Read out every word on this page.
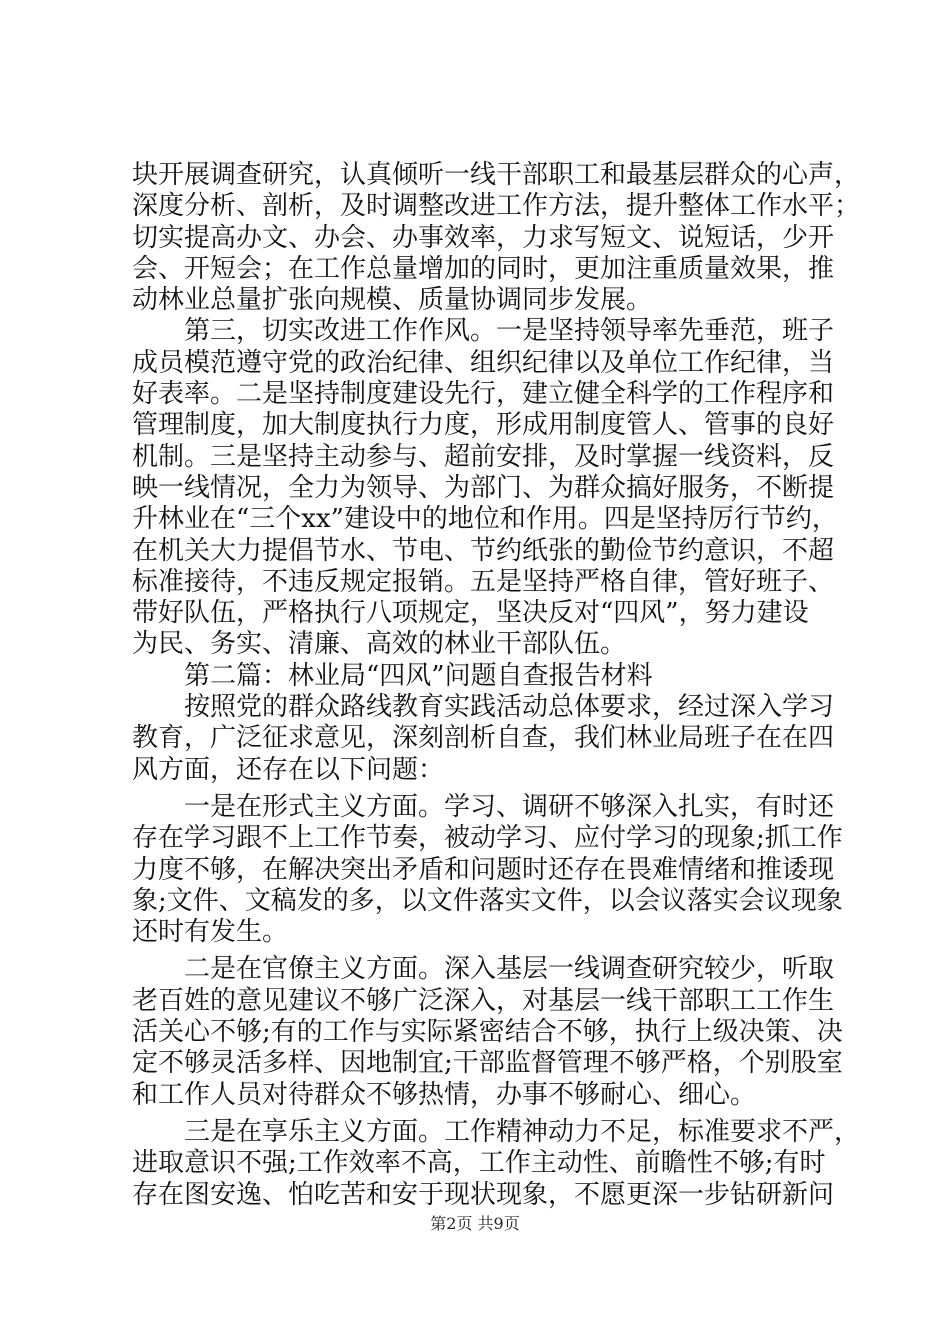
块开展调查研究，认真倾听一线干部职工和最基层群众的心声，
深度分析、剖析，及时调整改进工作方法，提升整体工作水平；
切实提高办文、办会、办事效率，力求写短文、说短话，少开
会、开短会；在工作总量增加的同时，更加注重质量效果，推
动林业总量扩张向规模、质量协调同步发展。
　　第三，切实改进工作作风。一是坚持领导率先垂范，班子
成员模范遵守党的政治纪律、组织纪律以及单位工作纪律，当
好表率。二是坚持制度建设先行，建立健全科学的工作程序和
管理制度，加大制度执行力度，形成用制度管人、管事的良好
机制。三是坚持主动参与、超前安排，及时掌握一线资料，反
映一线情况，全力为领导、为部门、为群众搞好服务，不断提
升林业在“三个xx”建设中的地位和作用。四是坚持厉行节约，
在机关大力提倡节水、节电、节约纸张的勤俭节约意识，不超
标准接待，不违反规定报销。五是坚持严格自律，管好班子、
带好队伍，严格执行八项规定，坚决反对“四风”，努力建设
为民、务实、清廉、高效的林业干部队伍。
　　第二篇：林业局“四风”问题自查报告材料
　　按照党的群众路线教育实践活动总体要求，经过深入学习
教育，广泛征求意见，深刻剖析自查，我们林业局班子在在四
风方面，还存在以下问题：
　　一是在形式主义方面。学习、调研不够深入扎实，有时还
存在学习跟不上工作节奏，被动学习、应付学习的现象;抓工作
力度不够，在解决突出矛盾和问题时还存在畏难情绪和推诿现
象;文件、文稿发的多，以文件落实文件，以会议落实会议现象
还时有发生。
　　二是在官僚主义方面。深入基层一线调查研究较少，听取
老百姓的意见建议不够广泛深入，对基层一线干部职工工作生
活关心不够;有的工作与实际紧密结合不够，执行上级决策、决
定不够灵活多样、因地制宜;干部监督管理不够严格，个别股室
和工作人员对待群众不够热情，办事不够耐心、细心。
　　三是在享乐主义方面。工作精神动力不足，标准要求不严，
进取意识不强;工作效率不高，工作主动性、前瞻性不够;有时
存在图安逸、怕吃苦和安于现状现象，不愿更深一步钻研新问
第2页 共9页
